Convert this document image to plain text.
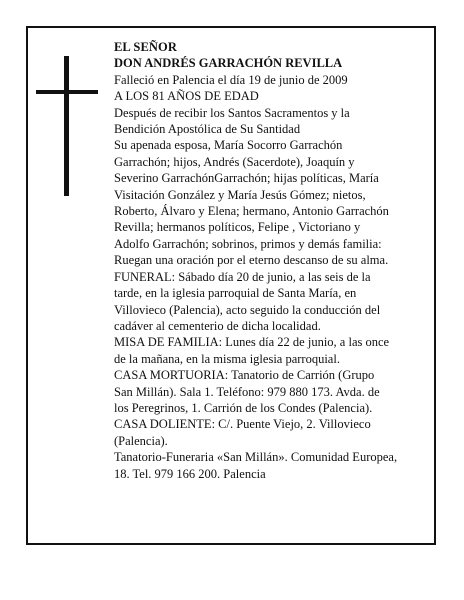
EL SEÑOR
DON ANDRÉS GARRACHÓN REVILLA
Falleció en Palencia el día 19 de junio de 2009
A LOS 81 AÑOS DE EDAD
Después de recibir los Santos Sacramentos y la
Bendición Apostólica de Su Santidad
Su apenada esposa, María Socorro Garrachón
Garrachón; hijos, Andrés (Sacerdote), Joaquín y
Severino GarrachónGarrachón; hijas políticas, María
Visitación González y María Jesús Gómez; nietos,
Roberto, Álvaro y Elena; hermano, Antonio Garrachón
Revilla; hermanos políticos, Felipe , Victoriano y
Adolfo Garrachón; sobrinos, primos y demás familia:
Ruegan una oración por el eterno descanso de su alma.
FUNERAL: Sábado día 20 de junio, a las seis de la
tarde, en la iglesia parroquial de Santa María, en
Villovieco (Palencia), acto seguido la conducción del
cadáver al cementerio de dicha localidad.
MISA DE FAMILIA: Lunes día 22 de junio, a las once
de la mañana, en la misma iglesia parroquial.
CASA MORTUORIA: Tanatorio de Carrión (Grupo
San Millán). Sala 1. Teléfono: 979 880 173. Avda. de
los Peregrinos, 1. Carrión de los Condes (Palencia).
CASA DOLIENTE: C/. Puente Viejo, 2. Villovieco
(Palencia).
Tanatorio-Funeraria «San Millán». Comunidad Europea,
18. Tel. 979 166 200. Palencia
